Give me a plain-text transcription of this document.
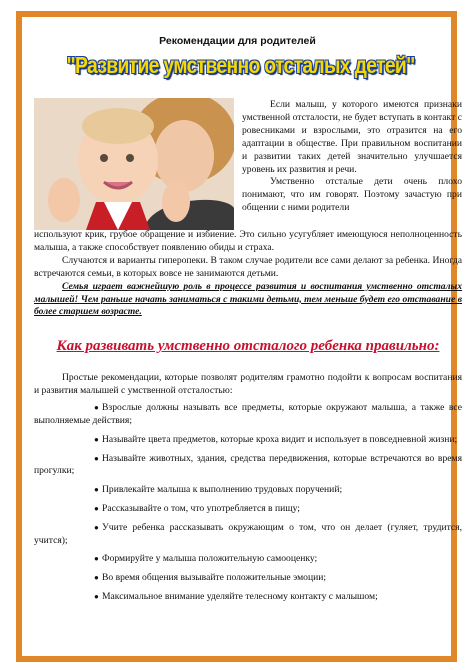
Рекомендации для родителей
"Развитие умственно отсталых детей"

Если малыш, у которого имеются признаки умственной отсталости, не будет вступать в контакт с ровесниками и взрослыми, это отразится на его адаптации в обществе. При правильном воспитании и развитии таких детей значительно улучшается уровень их развития и речи.

Умственно отсталые дети очень плохо понимают, что им говорят. Поэтому зачастую при общении с ними родители

используют крик, грубое обращение и избиение. Это сильно усугубляет имеющуюся неполноценность малыша, а также способствует появлению обиды и страха.

Случаются и варианты гиперопеки. В таком случае родители все сами делают за ребенка. Иногда встречаются семьи, в которых вовсе не занимаются детьми.

Семья играет важнейшую роль в процессе развития и воспитания умственно отсталых малышей! Чем раньше начать заниматься с такими детьми, тем меньше будет его отставание в более старшем возрасте.

Как развивать умственно отсталого ребенка правильно:

Простые рекомендации, которые позволят родителям грамотно подойти к вопросам воспитания и развития малышей с умственной отсталостью:

● Взрослые должны называть все предметы, которые окружают малыша, а также все выполняемые действия;
● Называйте цвета предметов, которые кроха видит и использует в повседневной жизни;
● Называйте животных, здания, средства передвижения, которые встречаются во время прогулки;
● Привлекайте малыша к выполнению трудовых поручений;
● Рассказывайте о том, что употребляется в пищу;
● Учите ребенка рассказывать окружающим о том, что он делает (гуляет, трудится, учится);
● Формируйте у малыша положительную самооценку;
● Во время общения вызывайте положительные эмоции;
● Максимальное внимание уделяйте телесному контакту с малышом;
